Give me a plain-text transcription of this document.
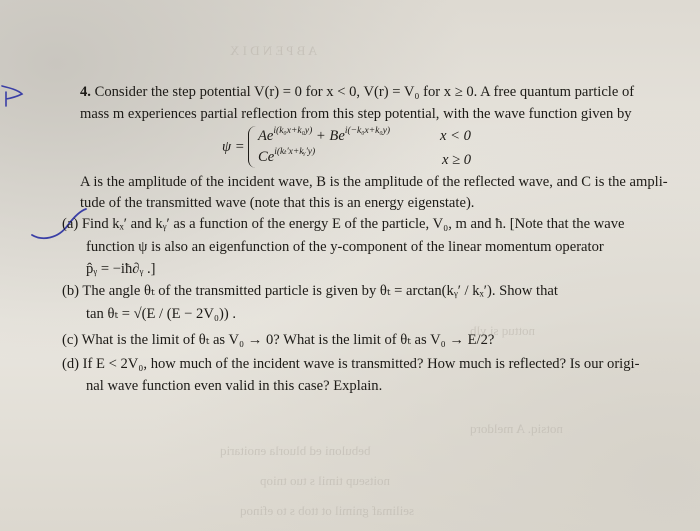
A B P E N D I X
nottuq si ylb
notsiq. A meldorq
bebuloni ed bluorla enoitariq
noitseup timil s tuo tniop
seilimaf gnimil ot ttob s to efinoq
4. Consider the step potential V(r) = 0 for x < 0, V(r) = V₀ for x ≥ 0. A free quantum particle of
mass m experiences partial reflection from this step potential, with the wave function given by
ψ =
$Ae^{i(k_0x+k_0y)} + Be^{i(-k_0x+k_0y)}$	x < 0
$Ce^{i(k_t'x+kᵧ'y)}$	x ≥ 0
A is the amplitude of the incident wave, B is the amplitude of the reflected wave, and C is the ampli-
tude of the transmitted wave (note that this is an energy eigenstate).
(a) Find kₓ′ and kᵧ′ as a function of the energy E of the particle, V₀, m and ħ. [Note that the wave
function ψ is also an eigenfunction of the y-component of the linear momentum operator
p̂ᵧ = −iħ∂ᵧ .]
(b) The angle θₜ of the transmitted particle is given by θₜ = arctan(kᵧ′ / kₓ′). Show that
tan θₜ = √(E / (E − 2V₀)) .
(c) What is the limit of θₜ as V₀ → 0? What is the limit of θₜ as V₀ → E/2?
(d) If E < 2V₀, how much of the incident wave is transmitted? How much is reflected? Is our origi-
nal wave function even valid in this case? Explain.
